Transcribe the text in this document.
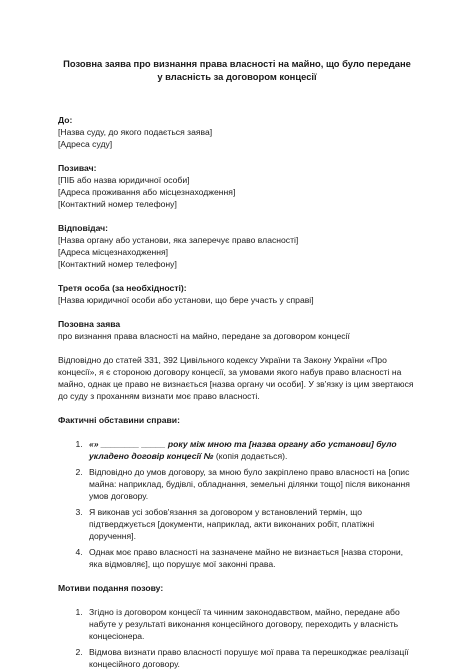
Позовна заява про визнання права власності на майно, що було передане
у власність за договором концесії

До:

[Назва суду, до якого подається заява]

[Адреса суду]

Позивач:

[ПІБ або назва юридичної особи]

[Адреса проживання або місцезнаходження]

[Контактний номер телефону]

Відповідач:

[Назва органу або установи, яка заперечує право власності]

[Адреса місцезнаходження]

[Контактний номер телефону]

Третя особа (за необхідності):

[Назва юридичної особи або установи, що бере участь у справі]

Позовна заява

про визнання права власності на майно, передане за договором концесії

Відповідно до статей 331, 392 Цивільного кодексу України та Закону України «Про концесії», я є стороною договору концесії, за умовами якого набув право власності на майно, однак це право не визнається [назва органу чи особи]. У зв'язку із цим звертаюся до суду з проханням визнати моє право власності.

Фактичні обставини справи:

1. «» ________ _____ року між мною та [назва органу або установи] було укладено договір концесії № (копія додається).
2. Відповідно до умов договору, за мною було закріплено право власності на [опис майна: наприклад, будівлі, обладнання, земельні ділянки тощо] після виконання умов договору.
3. Я виконав усі зобов'язання за договором у встановлений термін, що підтверджується [документи, наприклад, акти виконаних робіт, платіжні доручення].
4. Однак моє право власності на зазначене майно не визнається [назва сторони, яка відмовляє], що порушує мої законні права.

Мотиви подання позову:

1. Згідно із договором концесії та чинним законодавством, майно, передане або набуте у результаті виконання концесійного договору, переходить у власність концесіонера.
2. Відмова визнати право власності порушує мої права та перешкоджає реалізації концесійного договору.
